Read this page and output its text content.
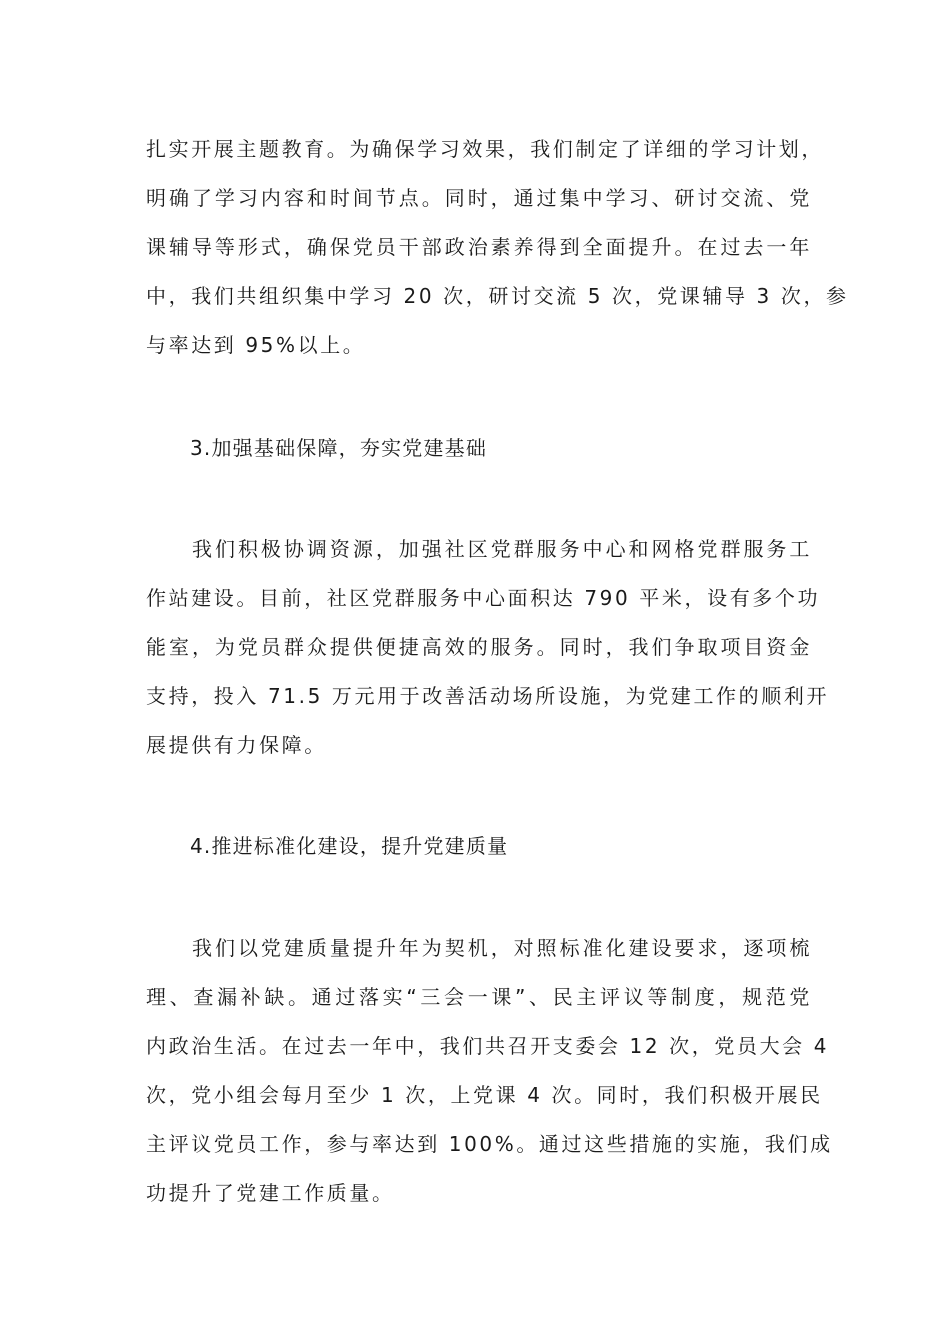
扎实开展主题教育。为确保学习效果，我们制定了详细的学习计划，
明确了学习内容和时间节点。同时，通过集中学习、研讨交流、党
课辅导等形式，确保党员干部政治素养得到全面提升。在过去一年
中，我们共组织集中学习 20 次，研讨交流 5 次，党课辅导 3 次，参
与率达到 95%以上。
3.加强基础保障，夯实党建基础
我们积极协调资源，加强社区党群服务中心和网格党群服务工
作站建设。目前，社区党群服务中心面积达 790 平米，设有多个功
能室，为党员群众提供便捷高效的服务。同时，我们争取项目资金
支持，投入 71.5 万元用于改善活动场所设施，为党建工作的顺利开
展提供有力保障。
4.推进标准化建设，提升党建质量
我们以党建质量提升年为契机，对照标准化建设要求，逐项梳
理、查漏补缺。通过落实“三会一课”、民主评议等制度，规范党
内政治生活。在过去一年中，我们共召开支委会 12 次，党员大会 4
次，党小组会每月至少 1 次，上党课 4 次。同时，我们积极开展民
主评议党员工作，参与率达到 100%。通过这些措施的实施，我们成
功提升了党建工作质量。
